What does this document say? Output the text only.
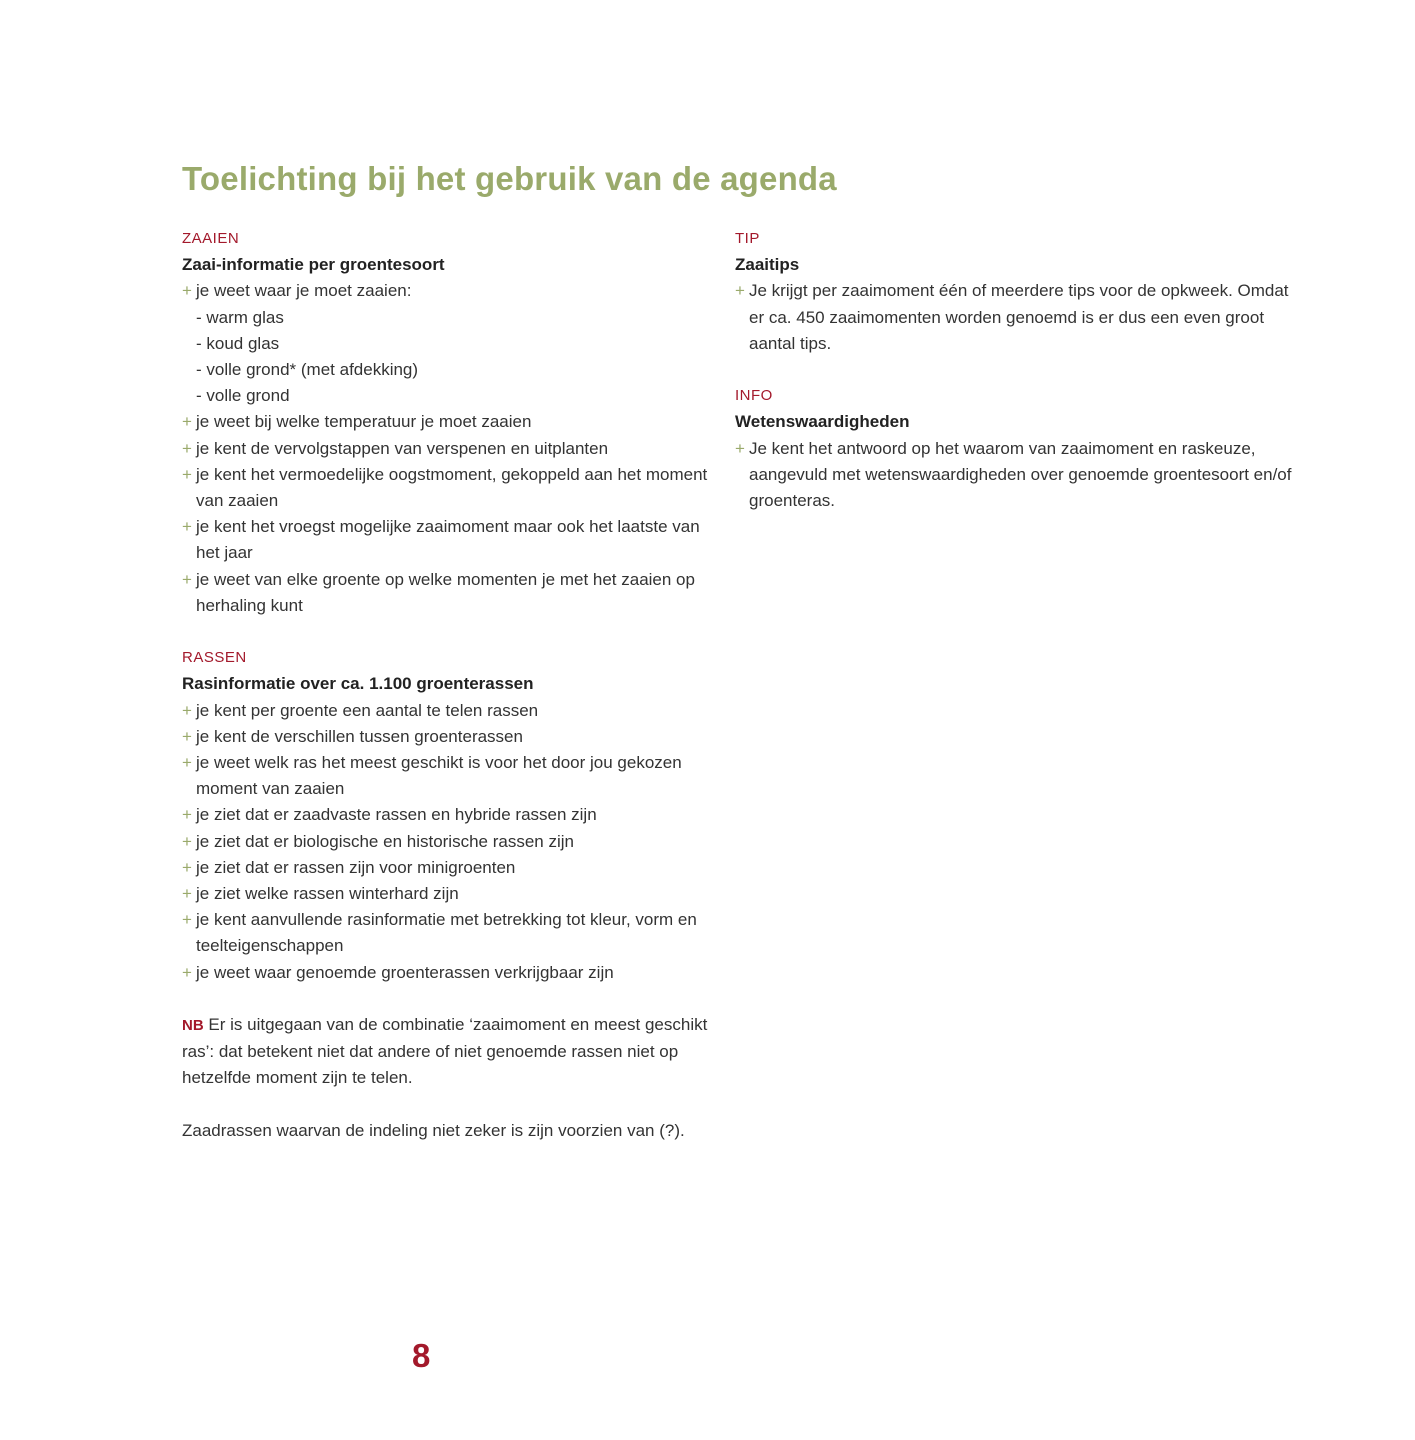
Toelichting bij het gebruik van de agenda
ZAAIEN
Zaai-informatie per groentesoort
+ je weet waar je moet zaaien:
- warm glas
- koud glas
- volle grond* (met afdekking)
- volle grond
+ je weet bij welke temperatuur je moet zaaien
+ je kent de vervolgstappen van verspenen en uitplanten
+ je kent het vermoedelijke oogstmoment, gekoppeld aan het moment van zaaien
+ je kent het vroegst mogelijke zaaimoment maar ook het laatste van het jaar
+ je weet van elke groente op welke momenten je met het zaaien op herhaling kunt
RASSEN
Rasinformatie over ca. 1.100 groenterassen
+ je kent per groente een aantal te telen rassen
+ je kent de verschillen tussen groenterassen
+ je weet welk ras het meest geschikt is voor het door jou gekozen moment van zaaien
+ je ziet dat er zaadvaste rassen en hybride rassen zijn
+ je ziet dat er biologische en historische rassen zijn
+ je ziet dat er rassen zijn voor minigroenten
+ je ziet welke rassen winterhard zijn
+ je kent aanvullende rasinformatie met betrekking tot kleur, vorm en teelteigenschappen
+ je weet waar genoemde groenterassen verkrijgbaar zijn
NB Er is uitgegaan van de combinatie ‘zaaimoment en meest geschikt ras’: dat betekent niet dat andere of niet genoemde rassen niet op hetzelfde moment zijn te telen.
Zaadrassen waarvan de indeling niet zeker is zijn voorzien van (?).
TIP
Zaaitips
+ Je krijgt per zaaimoment één of meerdere tips voor de opkweek. Omdat er ca. 450 zaaimomenten worden genoemd is er dus een even groot aantal tips.
INFO
Wetenswaardigheden
+ Je kent het antwoord op het waarom van zaaimoment en raskeuze, aangevuld met wetenswaardigheden over genoemde groentesoort en/of groenteras.
8
